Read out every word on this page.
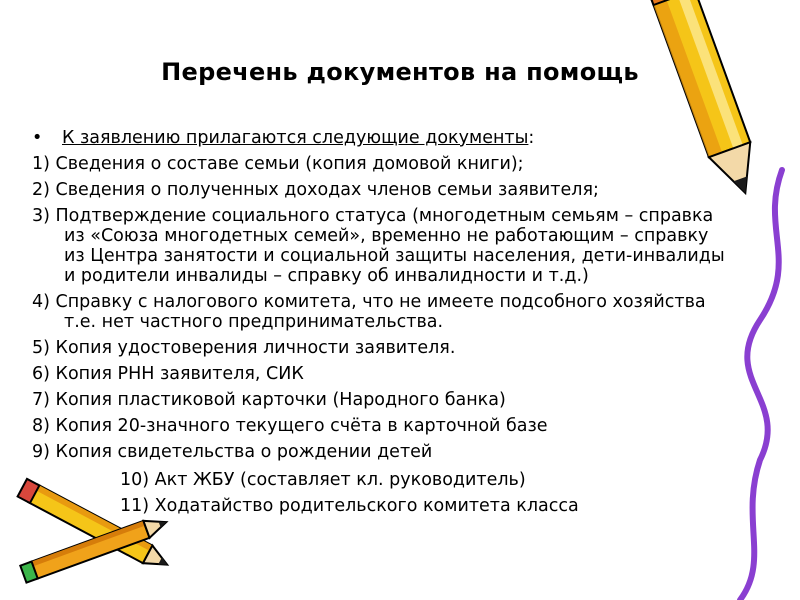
Перечень документов на помощь
• К заявлению прилагаются следующие документы:
1) Сведения о составе семьи (копия домовой книги);
2) Сведения о полученных доходах членов семьи заявителя;
3) Подтверждение социального статуса (многодетным семьям – справка из «Союза многодетных семей», временно не работающим – справку из Центра занятости и социальной защиты населения, дети-инвалиды и родители инвалиды – справку об инвалидности и т.д.)
4) Справку с налогового комитета, что не имеете подсобного хозяйства т.е. нет частного предпринимательства.
5) Копия удостоверения личности заявителя.
6) Копия РНН заявителя, СИК
7) Копия пластиковой карточки (Народного банка)
8) Копия 20-значного текущего счёта в карточной базе
9) Копия свидетельства о рождении детей
10) Акт ЖБУ (составляет кл. руководитель)
11) Ходатайство родительского комитета класса
